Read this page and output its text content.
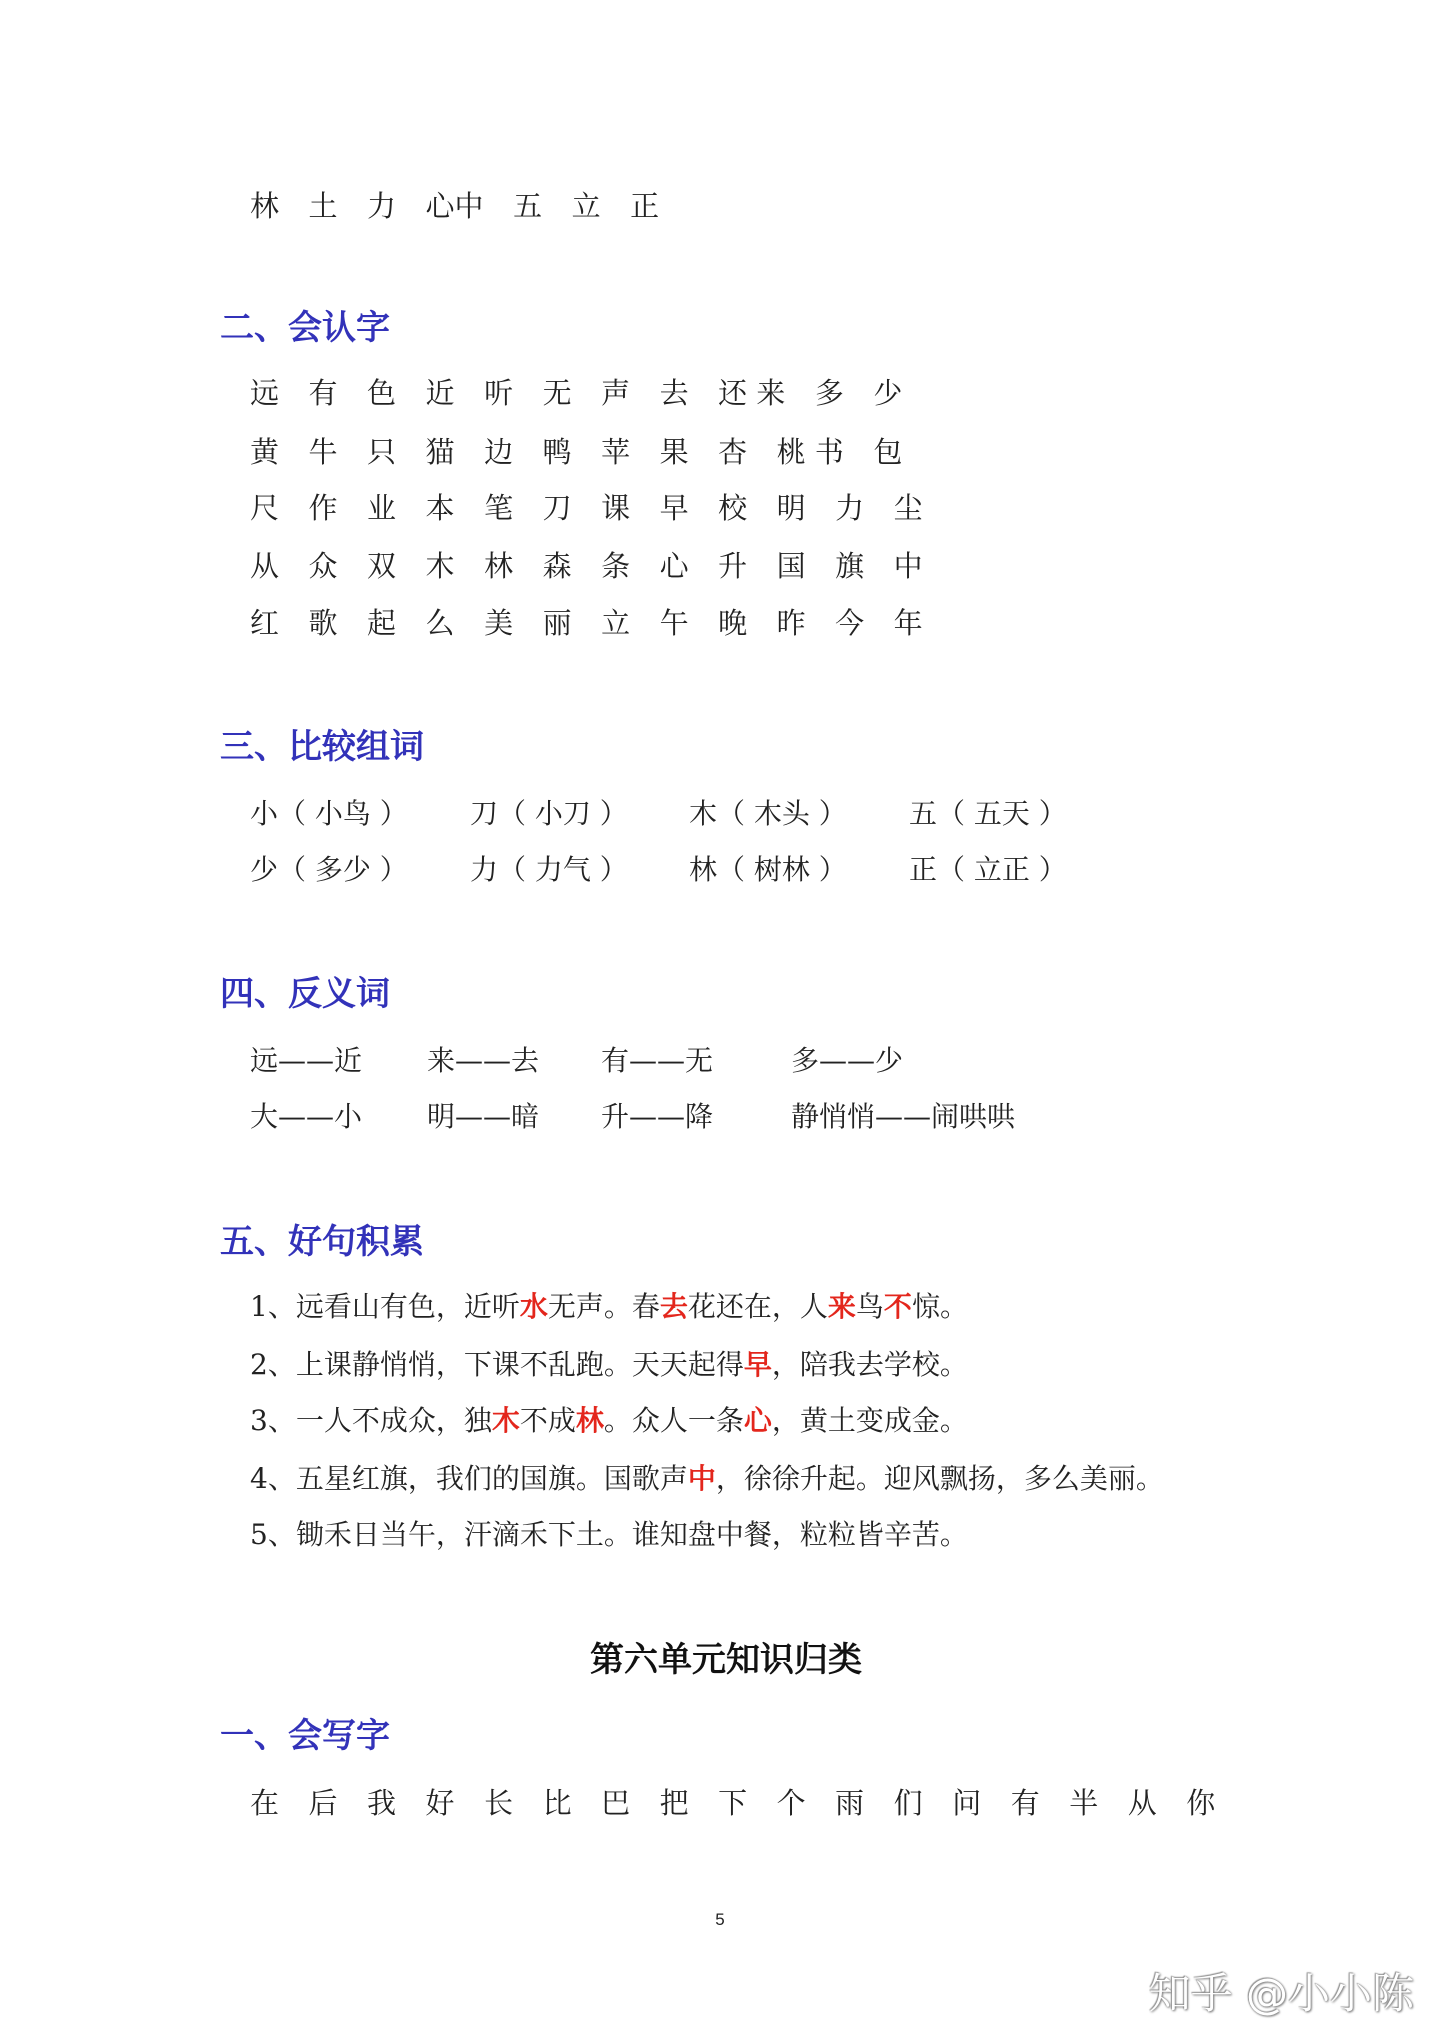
林 土 力 心中 五 立 正
二、会认字
远 有 色 近 听 无 声 去 还 来 多 少
黄 牛 只 猫 边 鸭 苹 果 杏 桃 书 包
尺 作 业 本 笔 刀 课 早 校 明 力 尘
从 众 双 木 林 森 条 心 升 国 旗 中
红 歌 起 么 美 丽 立 午 晚 昨 今 年
三、比较组词
小（ 小鸟 ）	刀（ 小刀 ）	木（ 木头 ）	五（ 五天 ）
少（ 多少 ）	力（ 力气 ）	林（ 树林 ）	正（ 立正 ）
四、反义词
远——近	来——去	有——无	多——少
大——小	明——暗	升——降	静悄悄——闹哄哄
五、好句积累
1、远看山有色，近听水无声。春去花还在，人来鸟不惊。
2、上课静悄悄，下课不乱跑。天天起得早，陪我去学校。
3、一人不成众，独木不成林。众人一条心，黄土变成金。
4、五星红旗，我们的国旗。国歌声中，徐徐升起。迎风飘扬，多么美丽。
5、锄禾日当午，汗滴禾下土。谁知盘中餐，粒粒皆辛苦。
第六单元知识归类
一、会写字
在 后 我 好 长 比 巴 把 下 个 雨 们 问 有 半 从 你
5
知乎 @小小陈
